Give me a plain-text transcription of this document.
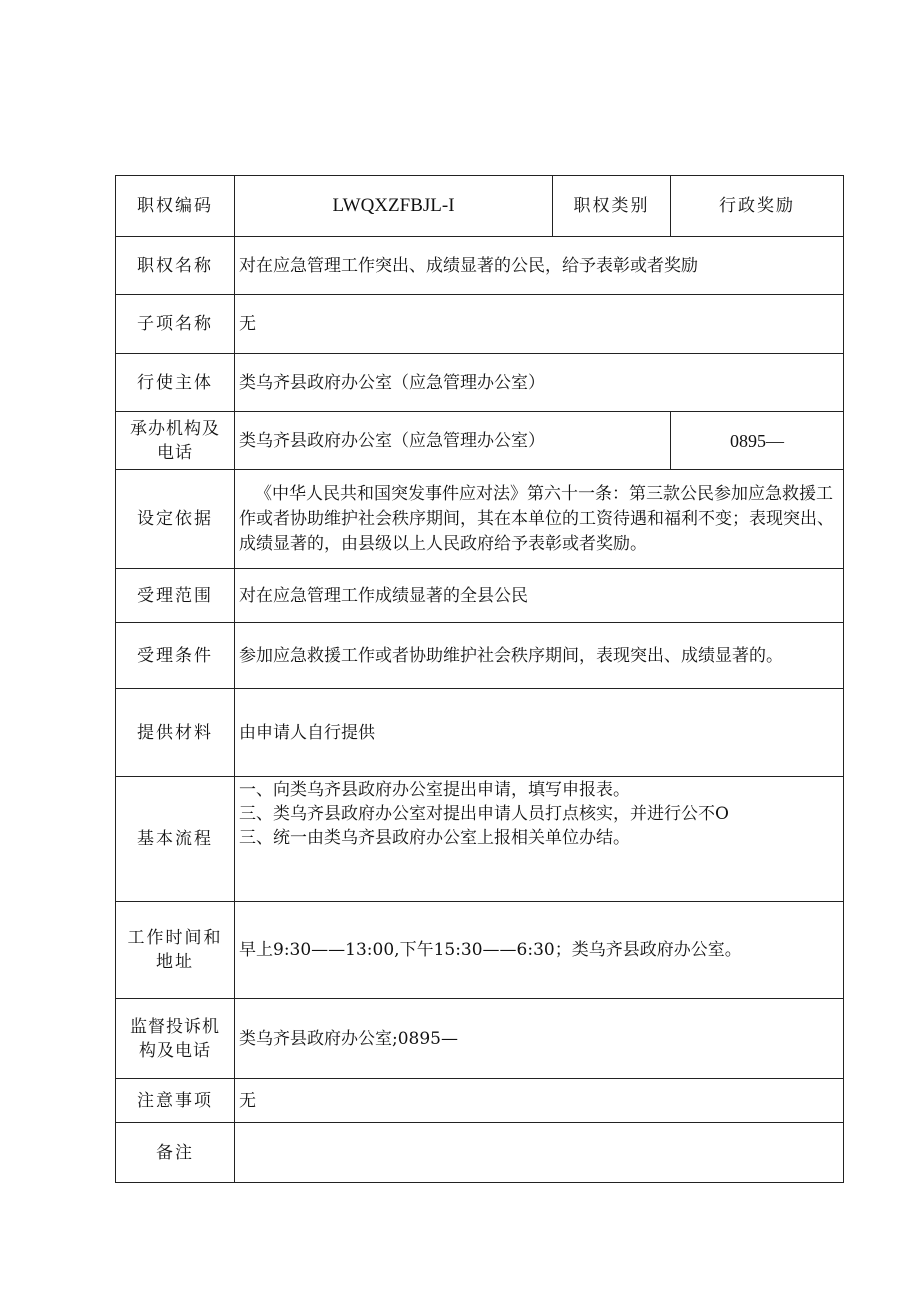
职权编码	LWQXZFBJL-I	职权类别	行政奖励
职权名称	对在应急管理工作突出、成绩显著的公民，给予表彰或者奖励		
子项名称	无		
行使主体	类乌齐县政府办公室（应急管理办公室）		
承办机构及电话	类乌齐县政府办公室（应急管理办公室）		0895—
设定依据	《中华人民共和国突发事件应对法》第六十一条：第三款公民参加应急救援工作或者协助维护社会秩序期间，其在本单位的工资待遇和福利不变；表现突出、成绩显著的，由县级以上人民政府给予表彰或者奖励。		
受理范围	对在应急管理工作成绩显著的全县公民		
受理条件	参加应急救援工作或者协助维护社会秩序期间，表现突出、成绩显著的。		
提供材料	由申请人自行提供		
基本流程	一、向类乌齐县政府办公室提出申请，填写申报表。
三、类乌齐县政府办公室对提出申请人员打点核实，并进行公不O
三、统一由类乌齐县政府办公室上报相关单位办结。		

工作时间和地址	早上9:30——13:00,下午15:30——6:30；类乌齐县政府办公室。		
监督投诉机构及电话	类乌齐县政府办公室;0895—		
注意事项	无		
备注			
